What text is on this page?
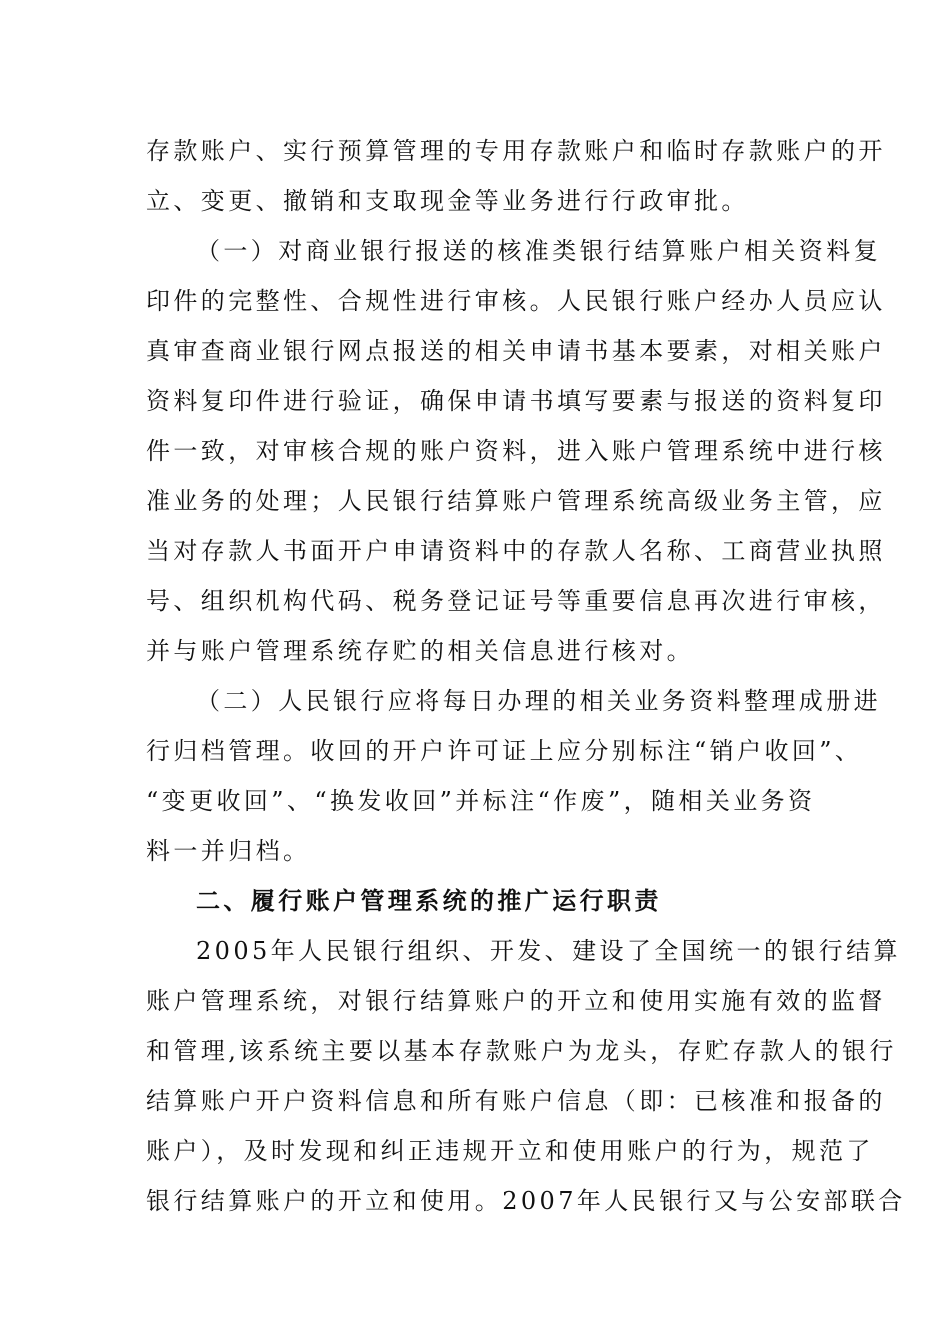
存款账户、实行预算管理的专用存款账户和临时存款账户的开
立、变更、撤销和支取现金等业务进行行政审批。
（一）对商业银行报送的核准类银行结算账户相关资料复
印件的完整性、合规性进行审核。人民银行账户经办人员应认
真审查商业银行网点报送的相关申请书基本要素，对相关账户
资料复印件进行验证，确保申请书填写要素与报送的资料复印
件一致，对审核合规的账户资料，进入账户管理系统中进行核
准业务的处理；人民银行结算账户管理系统高级业务主管，应
当对存款人书面开户申请资料中的存款人名称、工商营业执照
号、组织机构代码、税务登记证号等重要信息再次进行审核，
并与账户管理系统存贮的相关信息进行核对。
（二）人民银行应将每日办理的相关业务资料整理成册进
行归档管理。收回的开户许可证上应分别标注“销户收回”、
“变更收回”、“换发收回”并标注“作废”，随相关业务资
料一并归档。
二、履行账户管理系统的推广运行职责
2005年人民银行组织、开发、建设了全国统一的银行结算
账户管理系统，对银行结算账户的开立和使用实施有效的监督
和管理,该系统主要以基本存款账户为龙头，存贮存款人的银行
结算账户开户资料信息和所有账户信息（即：已核准和报备的
账户），及时发现和纠正违规开立和使用账户的行为，规范了
银行结算账户的开立和使用。2007年人民银行又与公安部联合
